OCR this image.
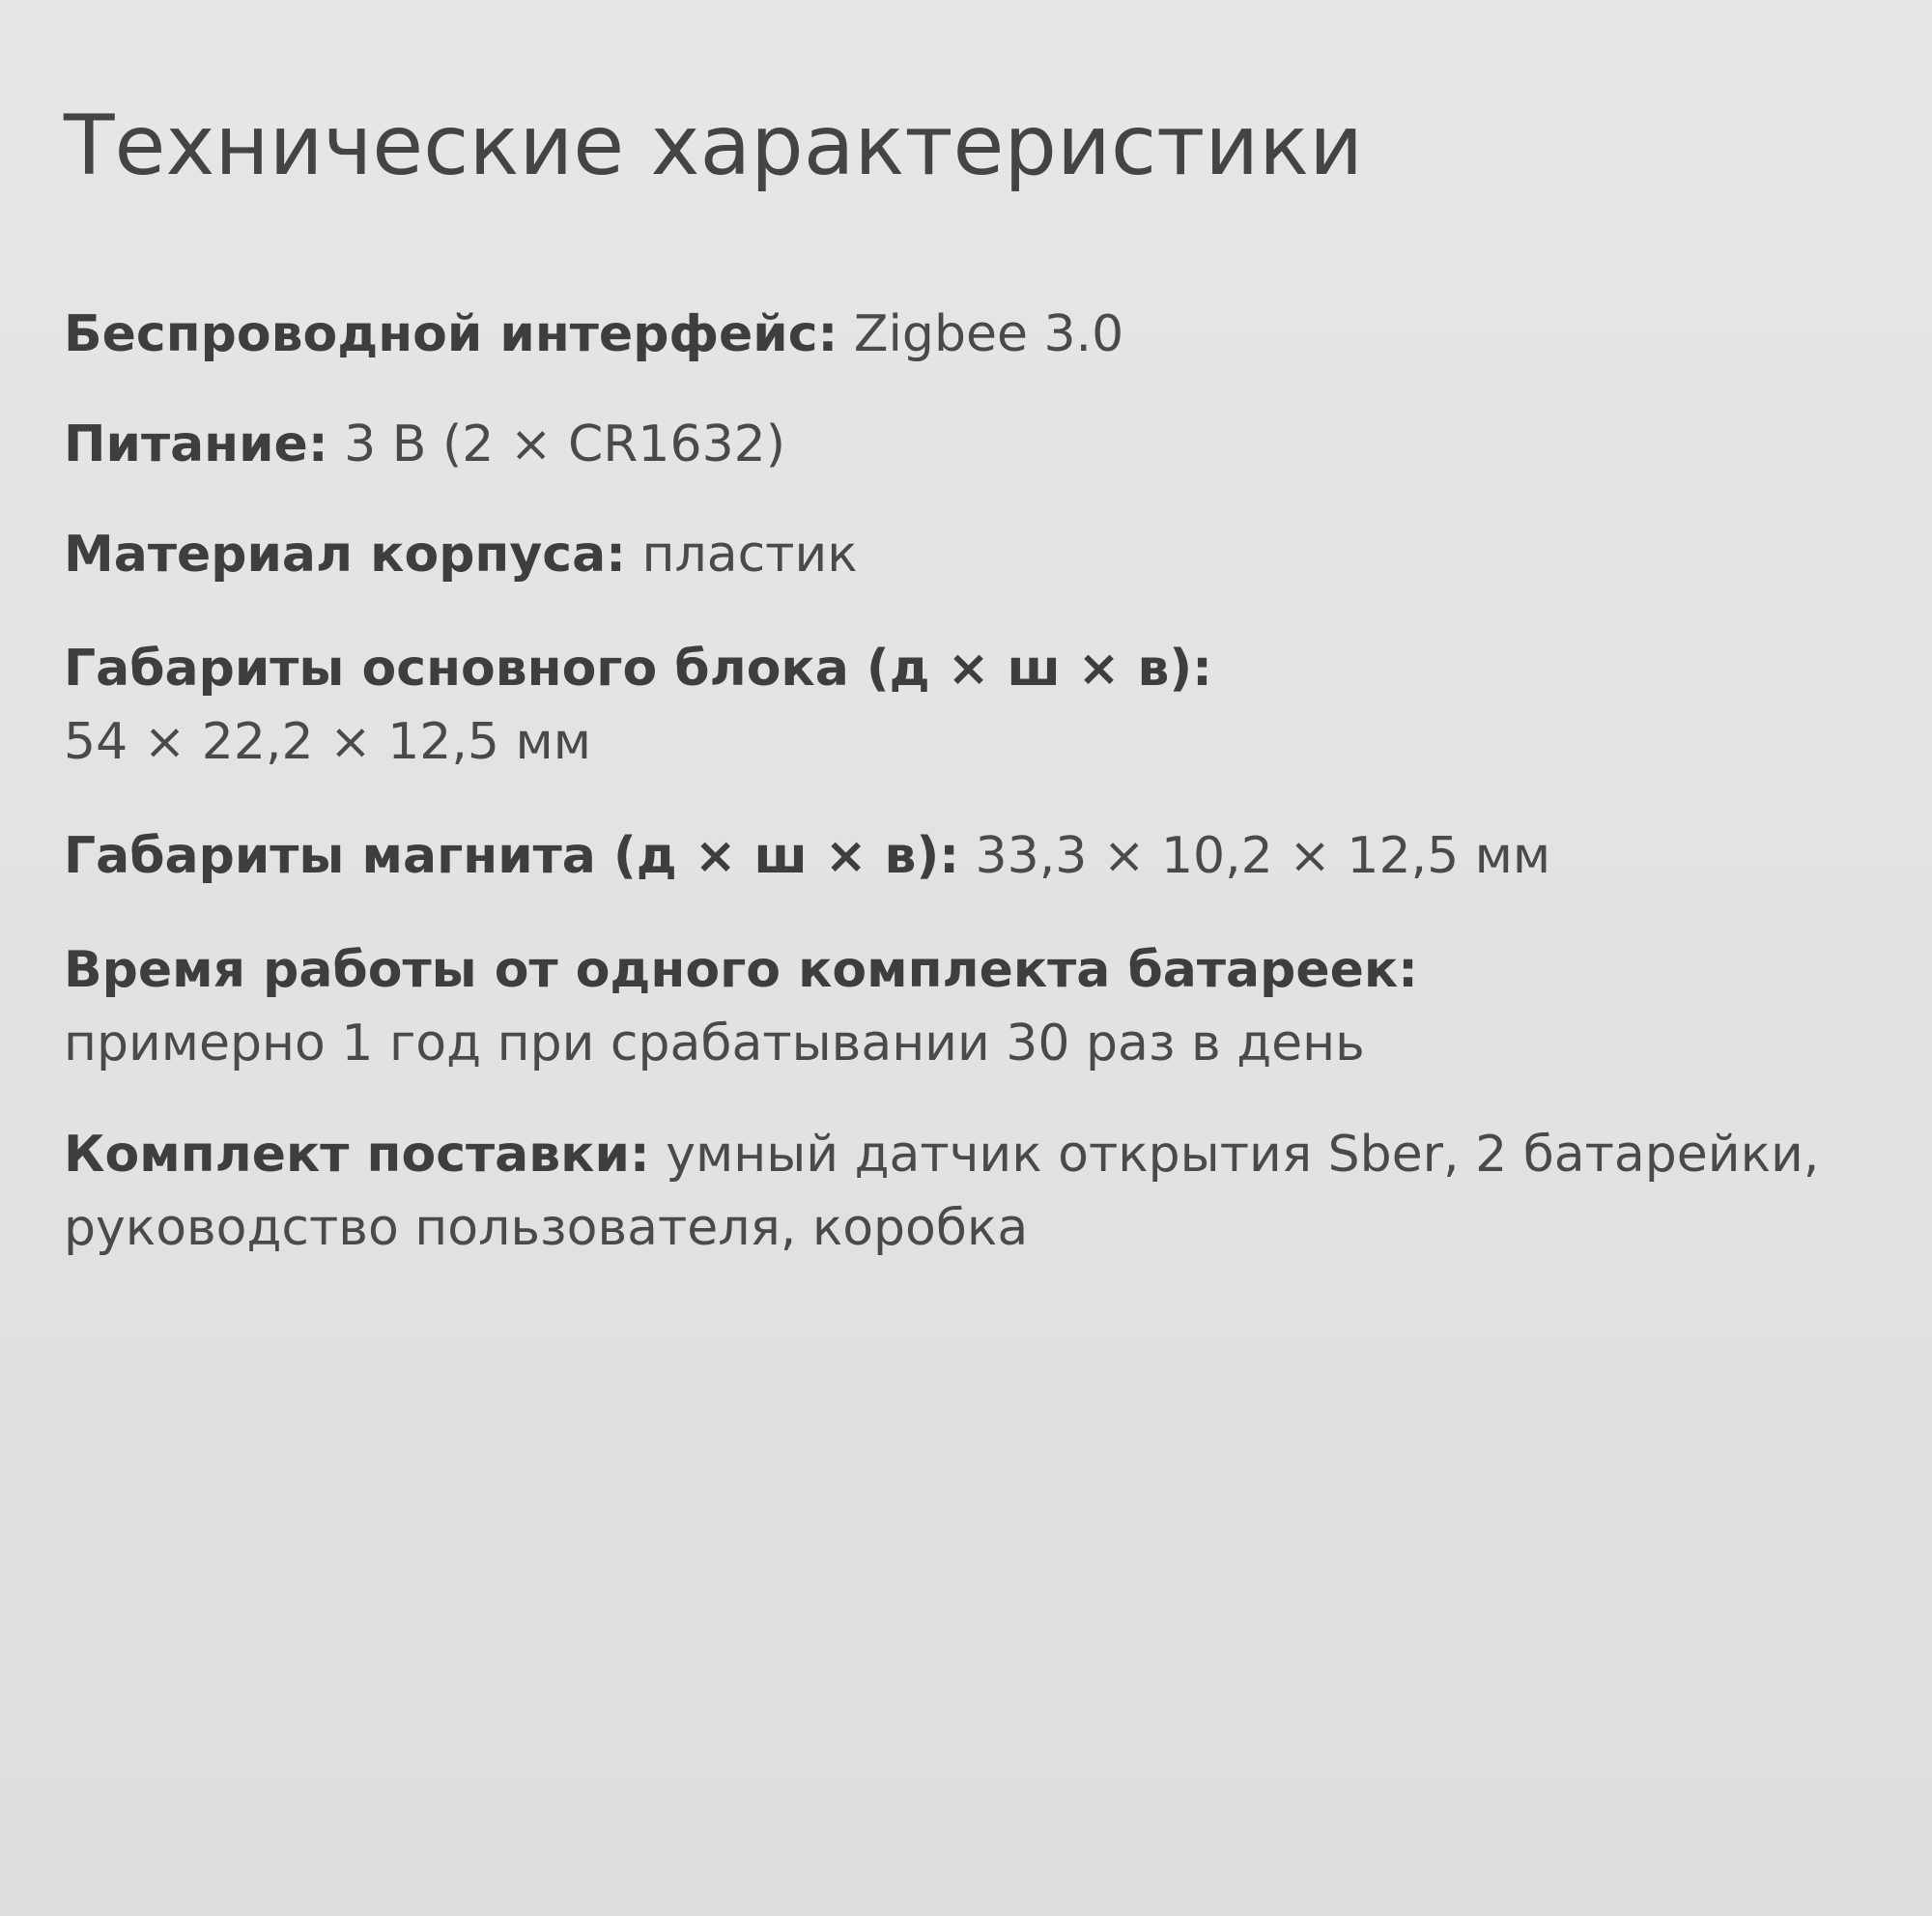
Технические характеристики

Беспроводной интерфейс: Zigbee 3.0

Питание: 3 В (2 × CR1632)

Материал корпуса: пластик

Габариты основного блока (д × ш × в):
54 × 22,2 × 12,5 мм

Габариты магнита (д × ш × в): 33,3 × 10,2 × 12,5 мм

Время работы от одного комплекта батареек:
примерно 1 год при срабатывании 30 раз в день

Комплект поставки: умный датчик открытия Sber, 2 батарейки, руководство пользователя, коробка
